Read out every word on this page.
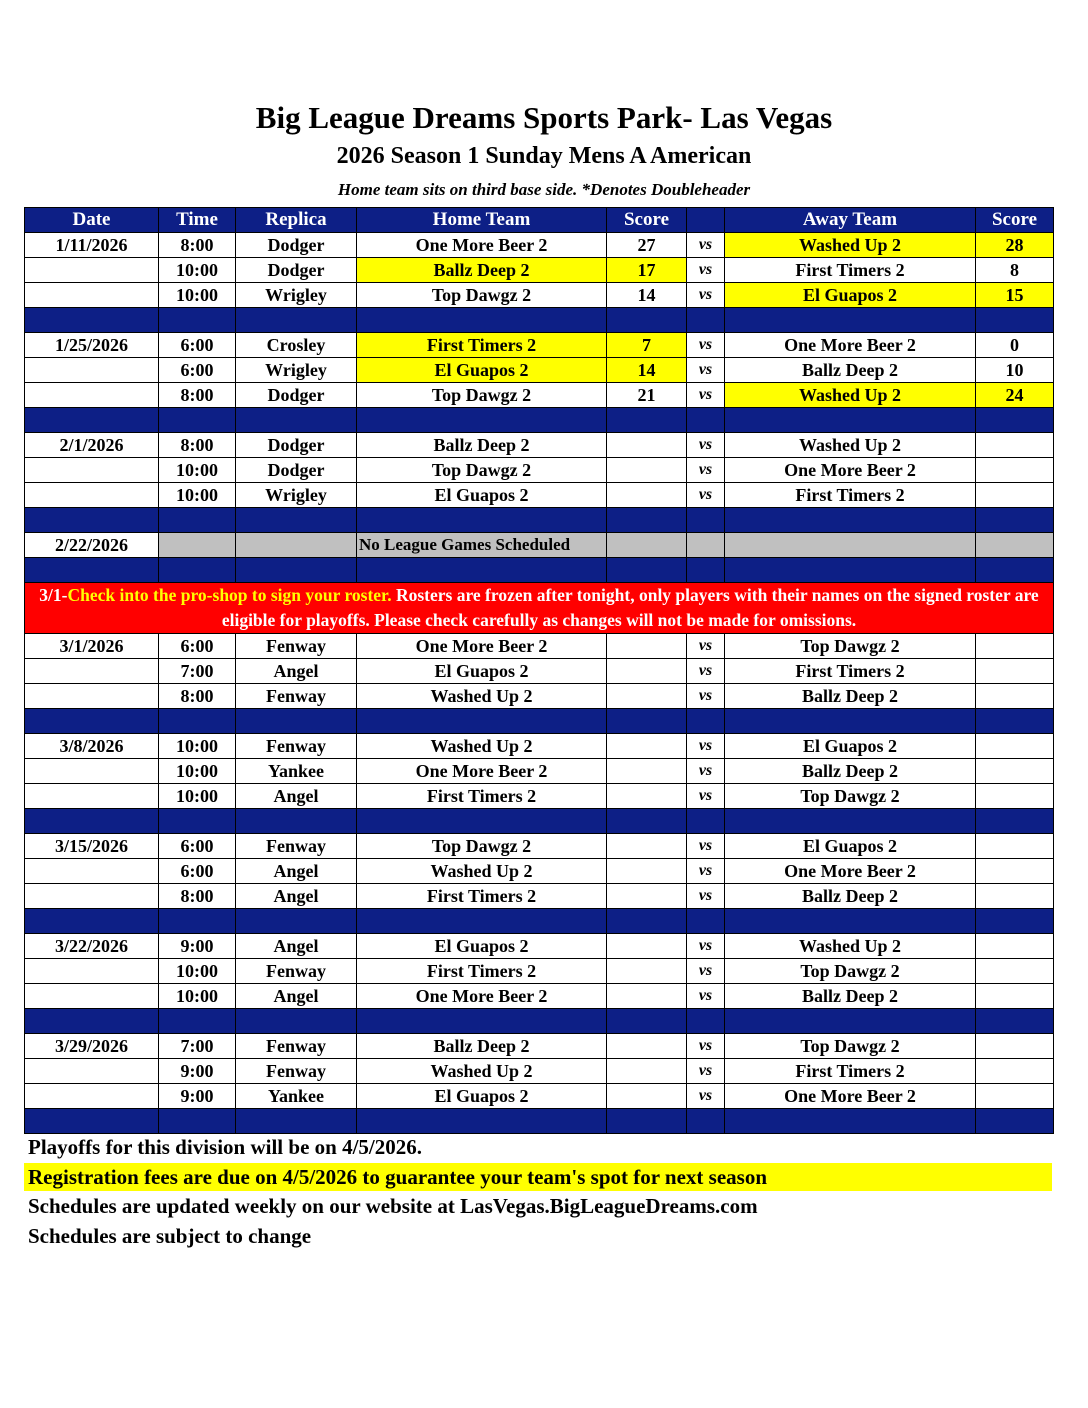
Big League Dreams Sports Park- Las Vegas
2026 Season 1 Sunday Mens A American
Home team sits on third base side. *Denotes Doubleheader
Date	Time	Replica	Home Team	Score		Away Team	Score
1/11/2026	8:00	Dodger	One More Beer 2	27	vs	Washed Up 2	28
	10:00	Dodger	Ballz Deep 2	17	vs	First Timers 2	8
	10:00	Wrigley	Top Dawgz 2	14	vs	El Guapos 2	15

1/25/2026	6:00	Crosley	First Timers 2	7	vs	One More Beer 2	0
	6:00	Wrigley	El Guapos 2	14	vs	Ballz Deep 2	10
	8:00	Dodger	Top Dawgz 2	21	vs	Washed Up 2	24

2/1/2026	8:00	Dodger	Ballz Deep 2		vs	Washed Up 2	
	10:00	Dodger	Top Dawgz 2		vs	One More Beer 2	
	10:00	Wrigley	El Guapos 2		vs	First Timers 2	

2/22/2026			No League Games Scheduled				

3/1-Check into the pro-shop to sign your roster. Rosters are frozen after tonight, only players with their names on the signed roster are eligible for playoffs. Please check carefully as changes will not be made for omissions.							
3/1/2026	6:00	Fenway	One More Beer 2		vs	Top Dawgz 2	
	7:00	Angel	El Guapos 2		vs	First Timers 2	
	8:00	Fenway	Washed Up 2		vs	Ballz Deep 2	

3/8/2026	10:00	Fenway	Washed Up 2		vs	El Guapos 2	
	10:00	Yankee	One More Beer 2		vs	Ballz Deep 2	
	10:00	Angel	First Timers 2		vs	Top Dawgz 2	

3/15/2026	6:00	Fenway	Top Dawgz 2		vs	El Guapos 2	
	6:00	Angel	Washed Up 2		vs	One More Beer 2	
	8:00	Angel	First Timers 2		vs	Ballz Deep 2	

3/22/2026	9:00	Angel	El Guapos 2		vs	Washed Up 2	
	10:00	Fenway	First Timers 2		vs	Top Dawgz 2	
	10:00	Angel	One More Beer 2		vs	Ballz Deep 2	

3/29/2026	7:00	Fenway	Ballz Deep 2		vs	Top Dawgz 2	
	9:00	Fenway	Washed Up 2		vs	First Timers 2	
	9:00	Yankee	El Guapos 2		vs	One More Beer 2	

Playoffs for this division will be on 4/5/2026.
Registration fees are due on 4/5/2026 to guarantee your team's spot for next season
Schedules are updated weekly on our website at LasVegas.BigLeagueDreams.com
Schedules are subject to change
